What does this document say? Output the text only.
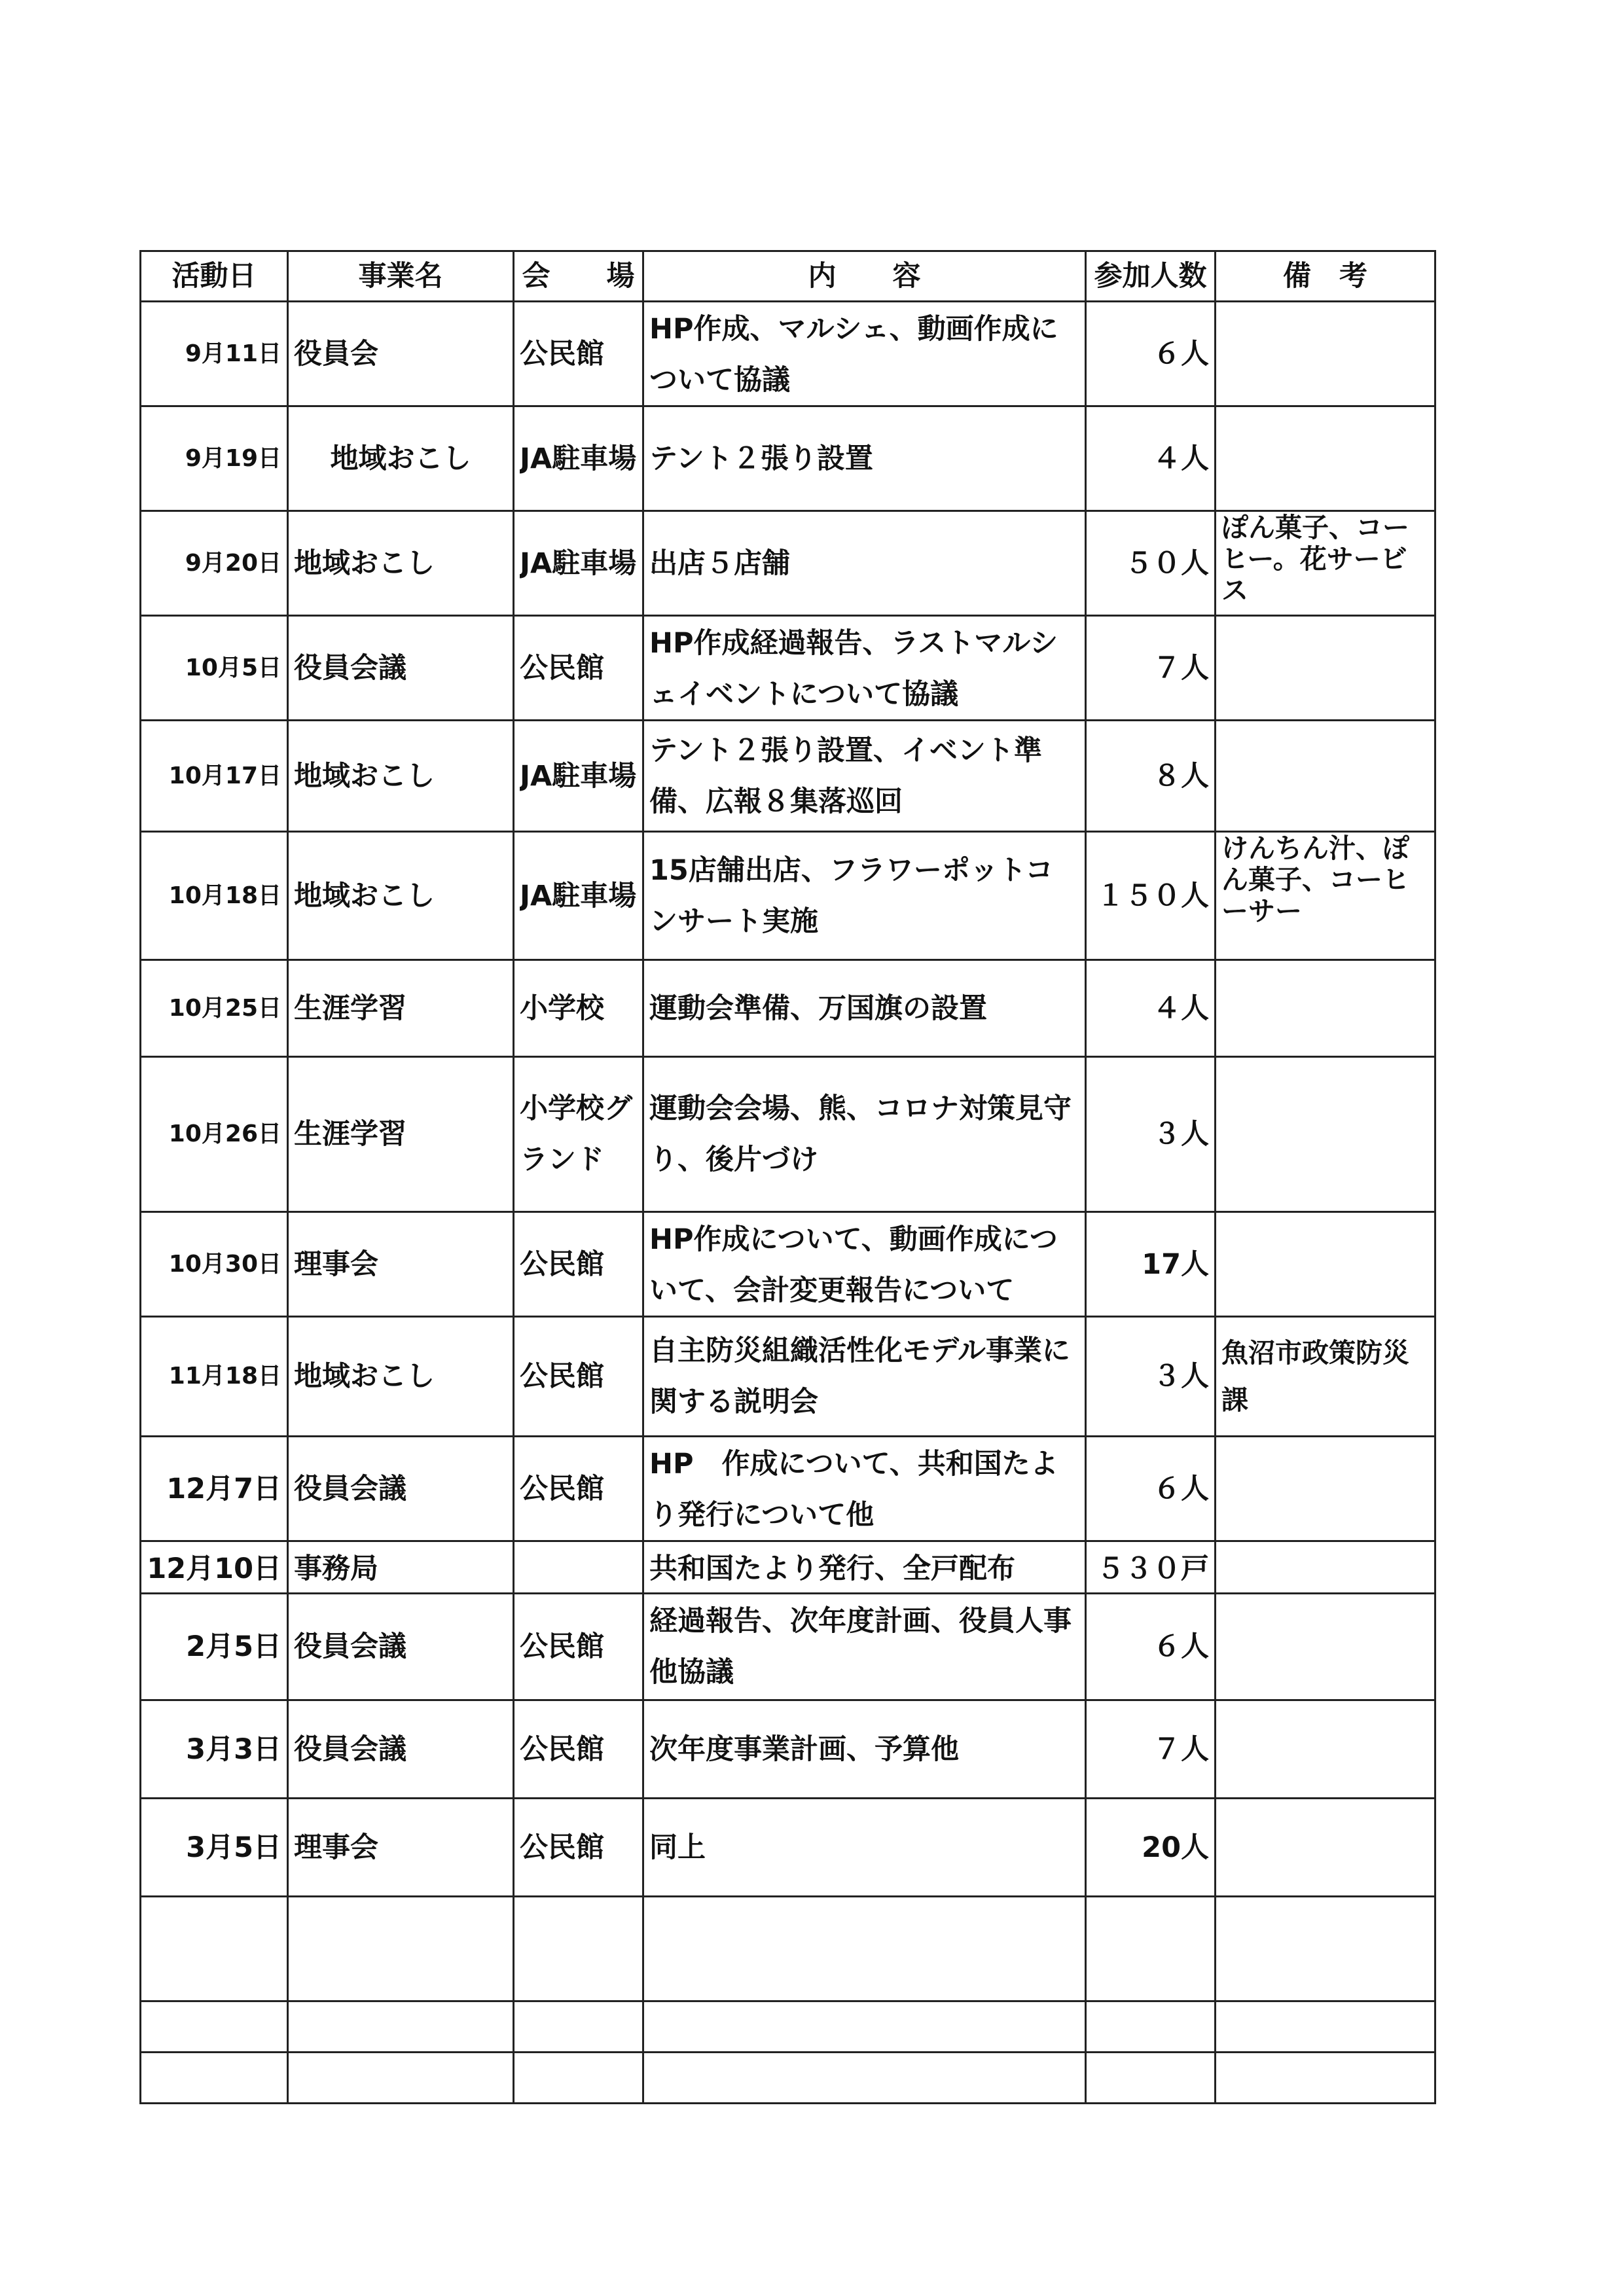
活動日	事業名	会　　場	内　　容	参加人数	備　考

9月11日	役員会	公民館	HP作成、マルシェ、動画作成について協議	６人	

9月19日	地域おこし	JA駐車場	テント２張り設置	４人	

9月20日	地域おこし	JA駐車場	出店５店舗	５０人	ぽん菓子、コーヒー。花サービス

10月5日	役員会議	公民館	HP作成経過報告、ラストマルシェイベントについて協議	７人	

10月17日	地域おこし	JA駐車場	テント２張り設置、イベント準備、広報８集落巡回	８人	

10月18日	地域おこし	JA駐車場	15店舗出店、フラワーポットコンサート実施	１５０人	けんちん汁、ぽん菓子、コーヒーサー

10月25日	生涯学習	小学校	運動会準備、万国旗の設置	４人	

10月26日	生涯学習	小学校グランド	運動会会場、熊、コロナ対策見守り、後片づけ	３人	

10月30日	理事会	公民館	HP作成について、動画作成について、会計変更報告について	17人	

11月18日	地域おこし	公民館	自主防災組織活性化モデル事業に関する説明会	３人	魚沼市政策防災課

12月7日	役員会議	公民館	HP　作成について、共和国たより発行について他	６人	

12月10日	事務局		共和国たより発行、全戸配布	５３０戸	

2月5日	役員会議	公民館	経過報告、次年度計画、役員人事他協議	６人	

3月3日	役員会議	公民館	次年度事業計画、予算他	７人	

3月5日	理事会	公民館	同上	20人	
